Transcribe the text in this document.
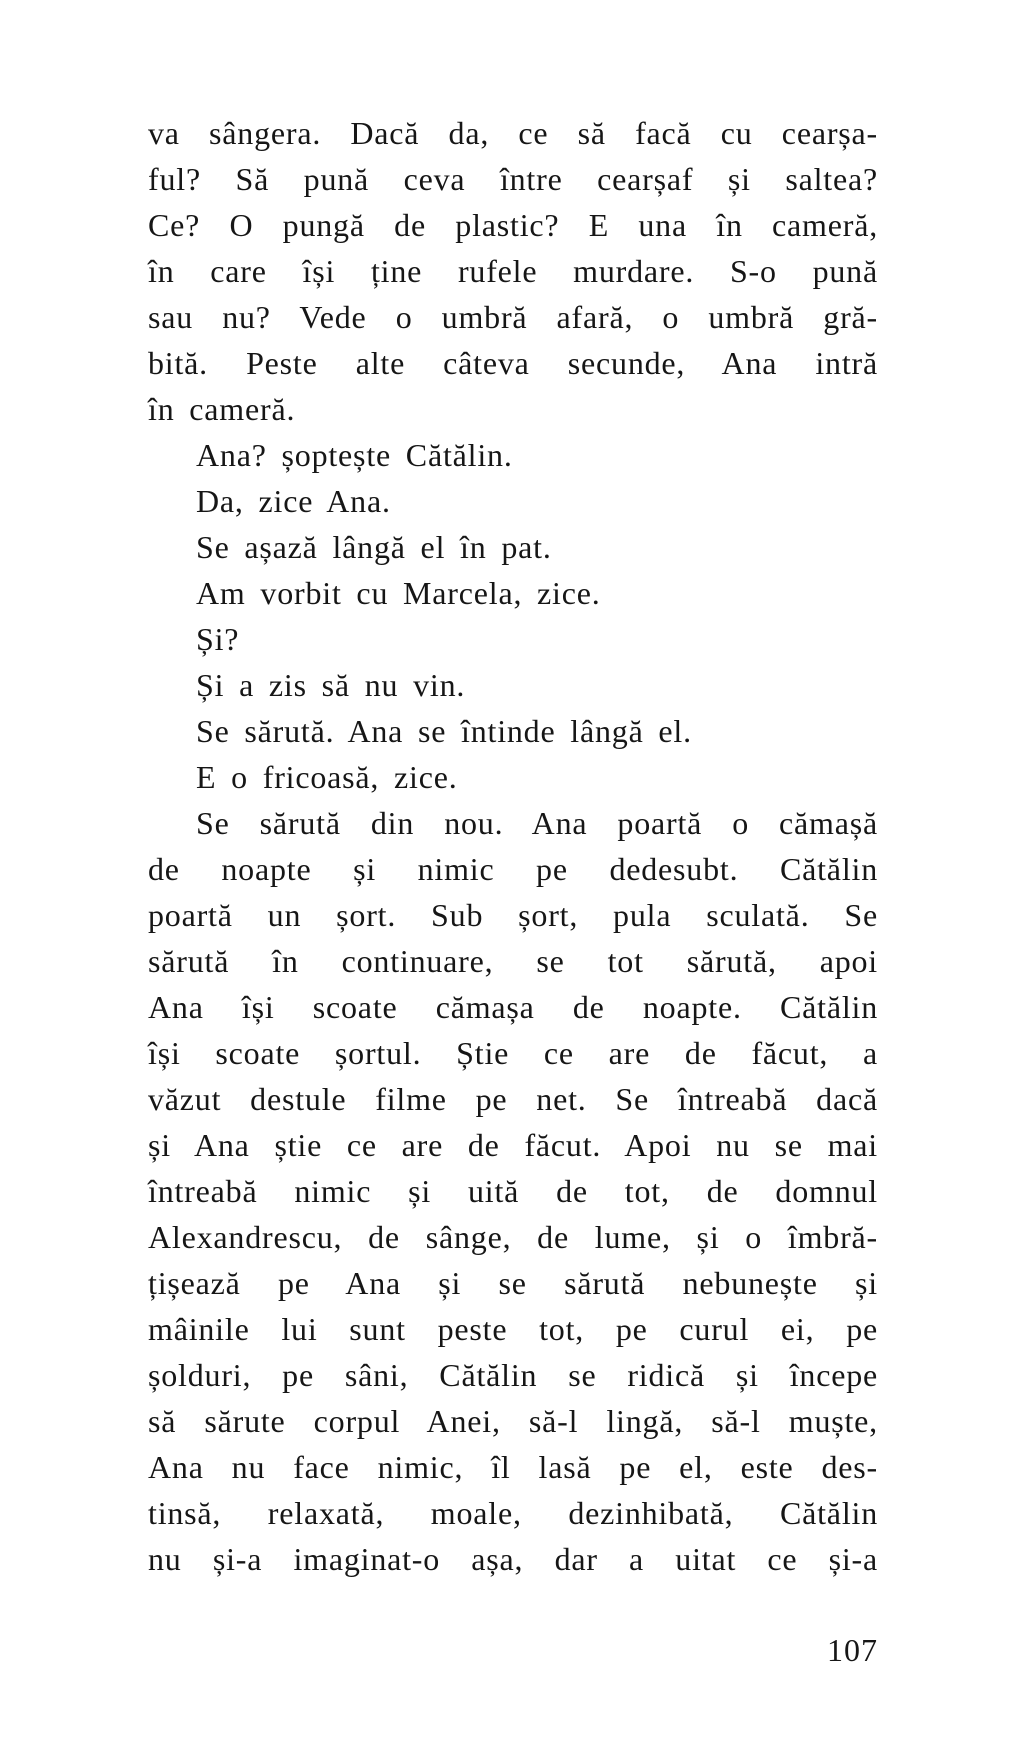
va sângera. Dacă da, ce să facă cu cearșa-
ful? Să pună ceva între cearșaf și saltea?
Ce? O pungă de plastic? E una în cameră,
în care își ține rufele murdare. S-o pună
sau nu? Vede o umbră afară, o umbră gră-
bită. Peste alte câteva secunde, Ana intră
în cameră.
Ana? șoptește Cătălin.
Da, zice Ana.
Se așază lângă el în pat.
Am vorbit cu Marcela, zice.
Și?
Și a zis să nu vin.
Se sărută. Ana se întinde lângă el.
E o fricoasă, zice.
Se sărută din nou. Ana poartă o cămașă
de noapte și nimic pe dedesubt. Cătălin
poartă un șort. Sub șort, pula sculată. Se
sărută în continuare, se tot sărută, apoi
Ana își scoate cămașa de noapte. Cătălin
își scoate șortul. Știe ce are de făcut, a
văzut destule filme pe net. Se întreabă dacă
și Ana știe ce are de făcut. Apoi nu se mai
întreabă nimic și uită de tot, de domnul
Alexandrescu, de sânge, de lume, și o îmbră-
țișează pe Ana și se sărută nebunește și
mâinile lui sunt peste tot, pe curul ei, pe
șolduri, pe sâni, Cătălin se ridică și începe
să sărute corpul Anei, să-l lingă, să-l muște,
Ana nu face nimic, îl lasă pe el, este des-
tinsă, relaxată, moale, dezinhibată, Cătălin
nu și-a imaginat-o așa, dar a uitat ce și-a
107
